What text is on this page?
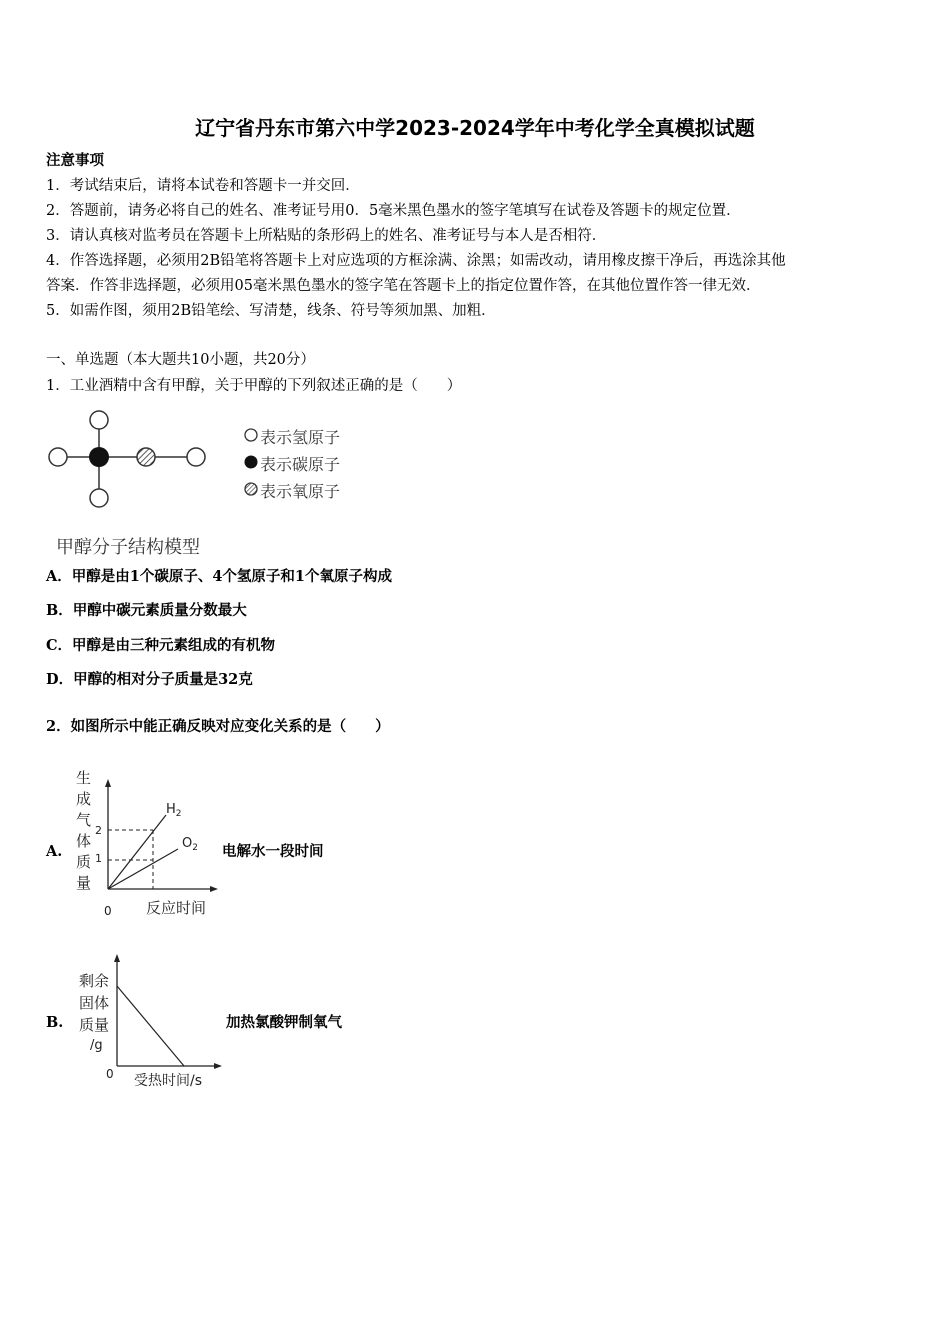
辽宁省丹东市第六中学2023-2024学年中考化学全真模拟试题
注意事项
1．考试结束后，请将本试卷和答题卡一并交回．
2．答题前，请务必将自己的姓名、准考证号用0．5毫米黑色墨水的签字笔填写在试卷及答题卡的规定位置．
3．请认真核对监考员在答题卡上所粘贴的条形码上的姓名、准考证号与本人是否相符．
4．作答选择题，必须用2B铅笔将答题卡上对应选项的方框涂满、涂黑；如需改动，请用橡皮擦干净后，再选涂其他
答案．作答非选择题，必须用05毫米黑色墨水的签字笔在答题卡上的指定位置作答，在其他位置作答一律无效．
5．如需作图，须用2B铅笔绘、写清楚，线条、符号等须加黑、加粗．
一、单选题（本大题共10小题，共20分）
1．工业酒精中含有甲醇，关于甲醇的下列叙述正确的是（　　）
表示氢原子
表示碳原子
表示氧原子
甲醇分子结构模型
A．甲醇是由1个碳原子、4个氢原子和1个氧原子构成
B．甲醇中碳元素质量分数最大
C．甲醇是由三种元素组成的有机物
D．甲醇的相对分子质量是32克
2．如图所示中能正确反映对应变化关系的是（　　）
A.
生
成
气
体
质
量
2
1
$H_2$
$O_2$
0 反应时间
电解水一段时间
B.
剩余
固体
质量
/g
0 受热时间/s
加热氯酸钾制氧气
